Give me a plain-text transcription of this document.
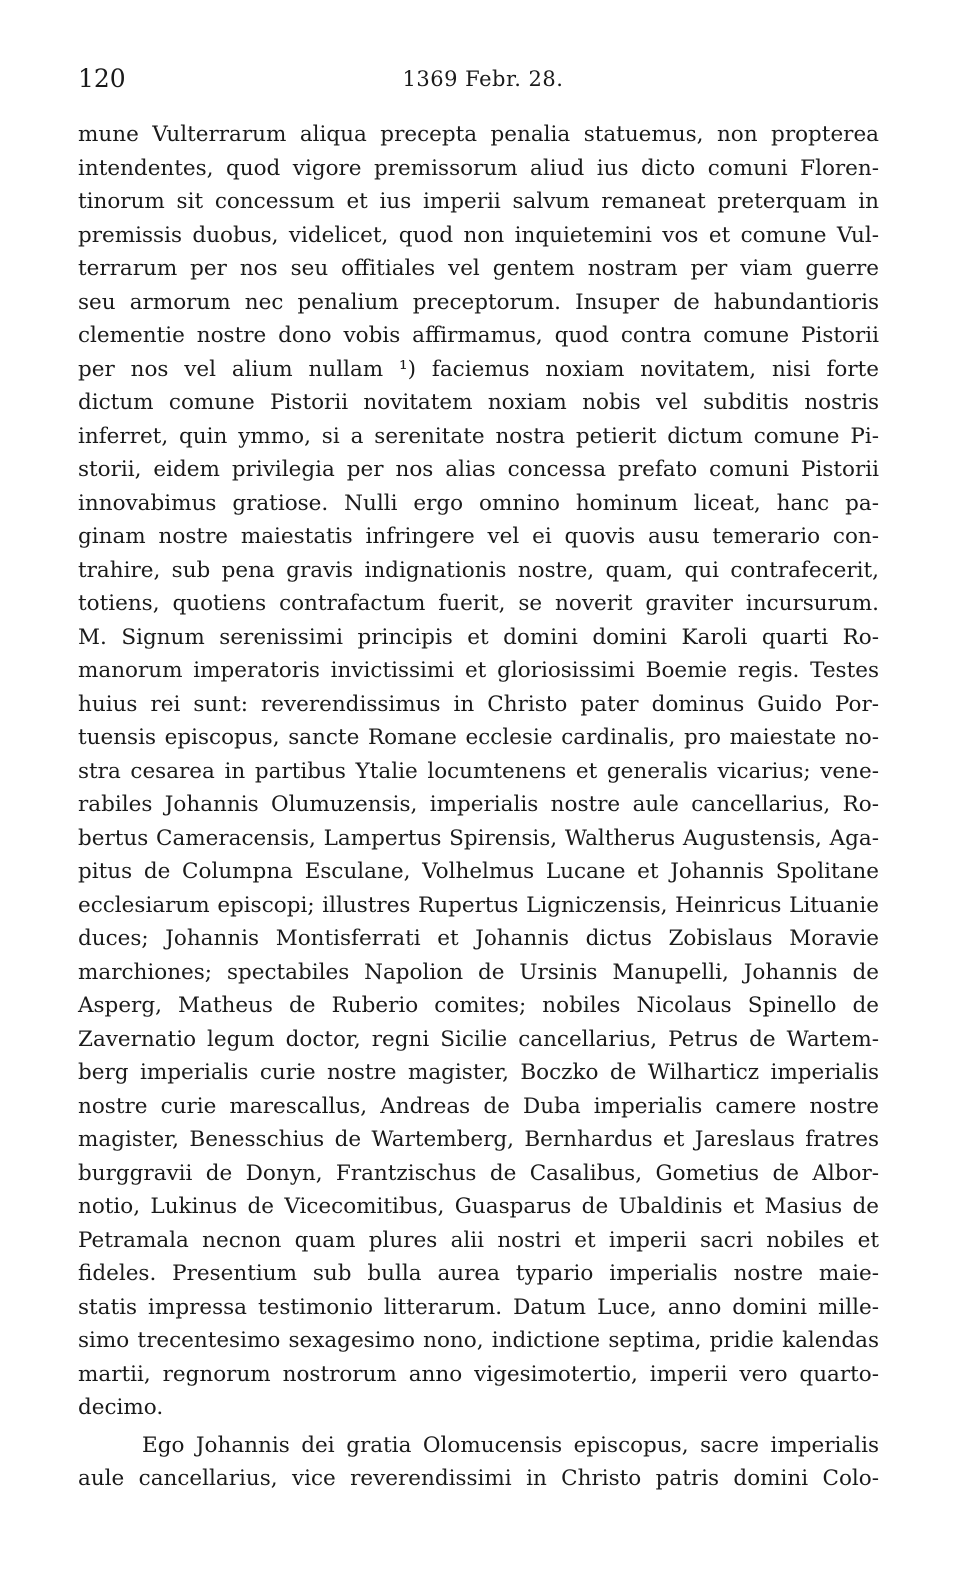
120	1369 Febr. 28.
mune Vulterrarum aliqua precepta penalia statuemus, non propterea
intendentes, quod vigore premissorum aliud ius dicto comuni Floren-
tinorum sit concessum et ius imperii salvum remaneat preterquam in
premissis duobus, videlicet, quod non inquietemini vos et comune Vul-
terrarum per nos seu offitiales vel gentem nostram per viam guerre
seu armorum nec penalium preceptorum. Insuper de habundantioris
clementie nostre dono vobis affirmamus, quod contra comune Pistorii
per nos vel alium nullam ¹) faciemus noxiam novitatem, nisi forte
dictum comune Pistorii novitatem noxiam nobis vel subditis nostris
inferret, quin ymmo, si a serenitate nostra petierit dictum comune Pi-
storii, eidem privilegia per nos alias concessa prefato comuni Pistorii
innovabimus gratiose. Nulli ergo omnino hominum liceat, hanc pa-
ginam nostre maiestatis infringere vel ei quovis ausu temerario con-
trahire, sub pena gravis indignationis nostre, quam, qui contrafecerit,
totiens, quotiens contrafactum fuerit, se noverit graviter incursurum.
M. Signum serenissimi principis et domini domini Karoli quarti Ro-
manorum imperatoris invictissimi et gloriosissimi Boemie regis. Testes
huius rei sunt: reverendissimus in Christo pater dominus Guido Por-
tuensis episcopus, sancte Romane ecclesie cardinalis, pro maiestate no-
stra cesarea in partibus Ytalie locumtenens et generalis vicarius; vene-
rabiles Johannis Olumuzensis, imperialis nostre aule cancellarius, Ro-
bertus Cameracensis, Lampertus Spirensis, Waltherus Augustensis, Aga-
pitus de Columpna Esculane, Volhelmus Lucane et Johannis Spolitane
ecclesiarum episcopi; illustres Rupertus Ligniczensis, Heinricus Lituanie
duces; Johannis Montisferrati et Johannis dictus Zobislaus Moravie
marchiones; spectabiles Napolion de Ursinis Manupelli, Johannis de
Asperg, Matheus de Ruberio comites; nobiles Nicolaus Spinello de
Zavernatio legum doctor, regni Sicilie cancellarius, Petrus de Wartem-
berg imperialis curie nostre magister, Boczko de Wilharticz imperialis
nostre curie marescallus, Andreas de Duba imperialis camere nostre
magister, Benesschius de Wartemberg, Bernhardus et Jareslaus fratres
burggravii de Donyn, Frantzischus de Casalibus, Gometius de Albor-
notio, Lukinus de Vicecomitibus, Guasparus de Ubaldinis et Masius de
Petramala necnon quam plures alii nostri et imperii sacri nobiles et
fideles. Presentium sub bulla aurea typario imperialis nostre maie-
statis impressa testimonio litterarum. Datum Luce, anno domini mille-
simo trecentesimo sexagesimo nono, indictione septima, pridie kalendas
martii, regnorum nostrorum anno vigesimotertio, imperii vero quarto-
decimo.
Ego Johannis dei gratia Olomucensis episcopus, sacre imperialis
aule cancellarius, vice reverendissimi in Christo patris domini Colo-
